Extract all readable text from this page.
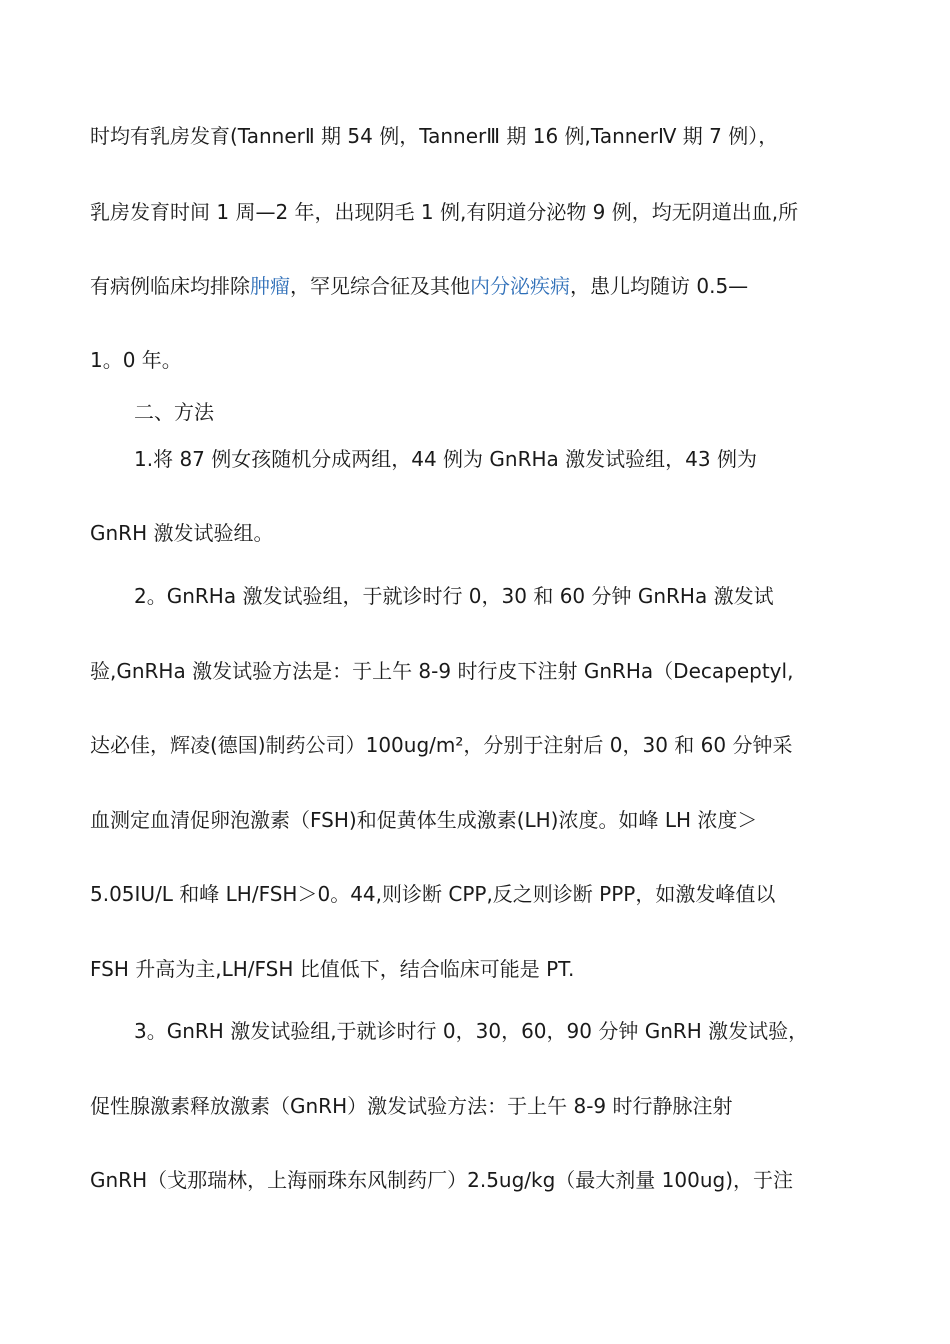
时均有乳房发育(TannerⅡ 期 54 例，TannerⅢ 期 16 例,TannerⅣ 期 7 例），
乳房发育时间 1 周—2 年，出现阴毛 1 例,有阴道分泌物 9 例，均无阴道出血,所
有病例临床均排除肿瘤，罕见综合征及其他内分泌疾病，患儿均随访 0.5—
1。0 年。
二、方法
1.将 87 例女孩随机分成两组，44 例为 GnRHa 激发试验组，43 例为
GnRH 激发试验组。
2。GnRHa 激发试验组，于就诊时行 0，30 和 60 分钟 GnRHa 激发试
验,GnRHa 激发试验方法是：于上午 8-9 时行皮下注射 GnRHa（Decapeptyl,
达必佳，辉凌(德国)制药公司）100ug/m²，分别于注射后 0，30 和 60 分钟采
血测定血清促卵泡激素（FSH)和促黄体生成激素(LH)浓度。如峰 LH 浓度＞
5.05IU/L 和峰 LH/FSH＞0。44,则诊断 CPP,反之则诊断 PPP，如激发峰值以
FSH 升高为主,LH/FSH 比值低下，结合临床可能是 PT.
3。GnRH 激发试验组,于就诊时行 0，30，60，90 分钟 GnRH 激发试验，
促性腺激素释放激素（GnRH）激发试验方法：于上午 8-9 时行静脉注射
GnRH（戈那瑞林，上海丽珠东风制药厂）2.5ug/kg（最大剂量 100ug)，于注
